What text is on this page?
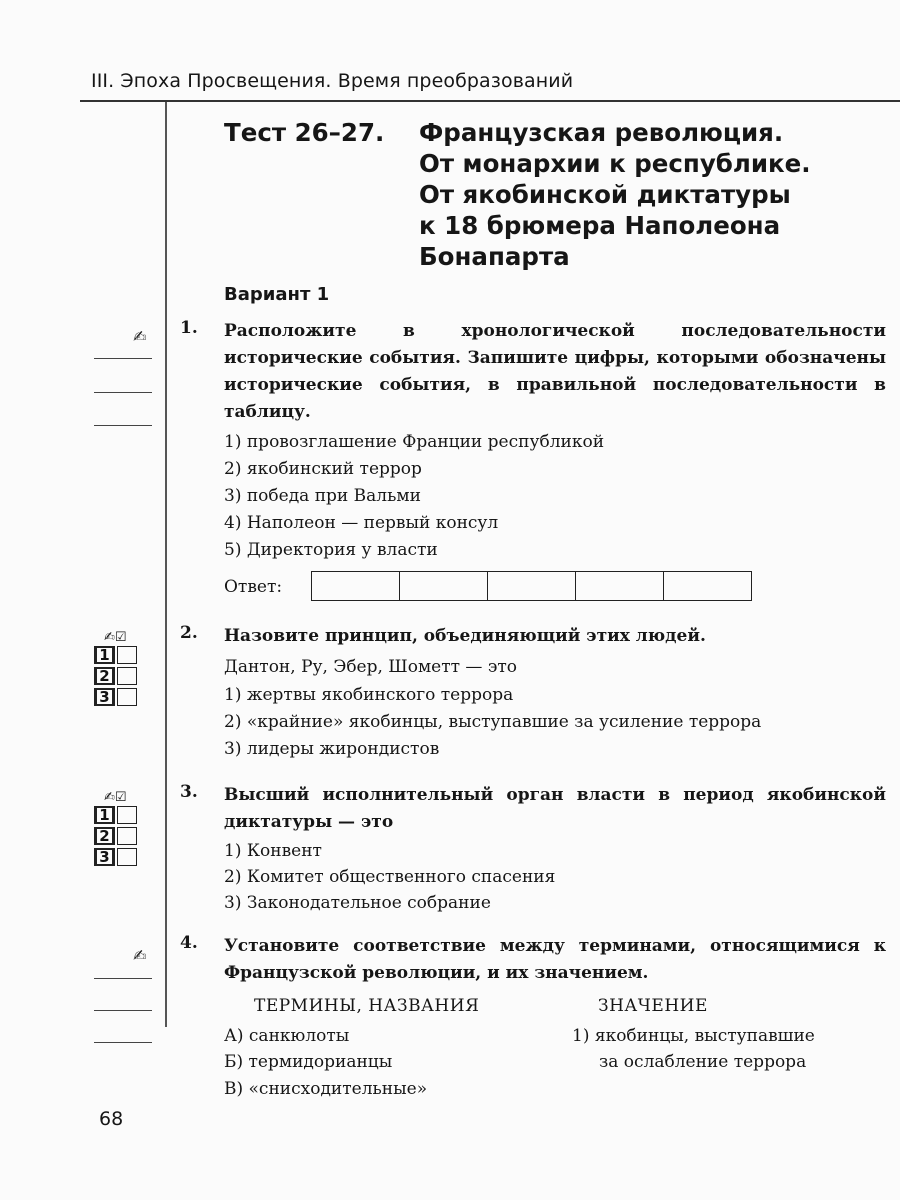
III. Эпоха Просвещения. Время преобразований
Тест 26–27. Французская революция.
От монархии к республике.
От якобинской диктатуры
к 18 брюмера Наполеона
Бонапарта
Вариант 1
✍ 1. Расположите в хронологической последовательности исторические события. Запишите цифры, которыми обозначены исторические события, в правильной последовательности в таблицу.
1) провозглашение Франции республикой
2) якобинский террор
3) победа при Вальми
4) Наполеон — первый консул
5) Директория у власти
Ответ:
✍☑
1
2
3
2. Назовите принцип, объединяющий этих людей.
Дантон, Ру, Эбер, Шометт — это
1) жертвы якобинского террора
2) «крайние» якобинцы, выступавшие за усиление террора
3) лидеры жирондистов
✍☑
1
2
3
3. Высший исполнительный орган власти в период якобинской диктатуры — это
1) Конвент
2) Комитет общественного спасения
3) Законодательное собрание
✍
4. Установите соответствие между терминами, относящимися к Французской революции, и их значением.
ТЕРМИНЫ, НАЗВАНИЯ	ЗНАЧЕНИЕ
А) санкюлоты
Б) термидорианцы
В) «снисходительные»
1) якобинцы, выступавшие
за ослабление террора
68
